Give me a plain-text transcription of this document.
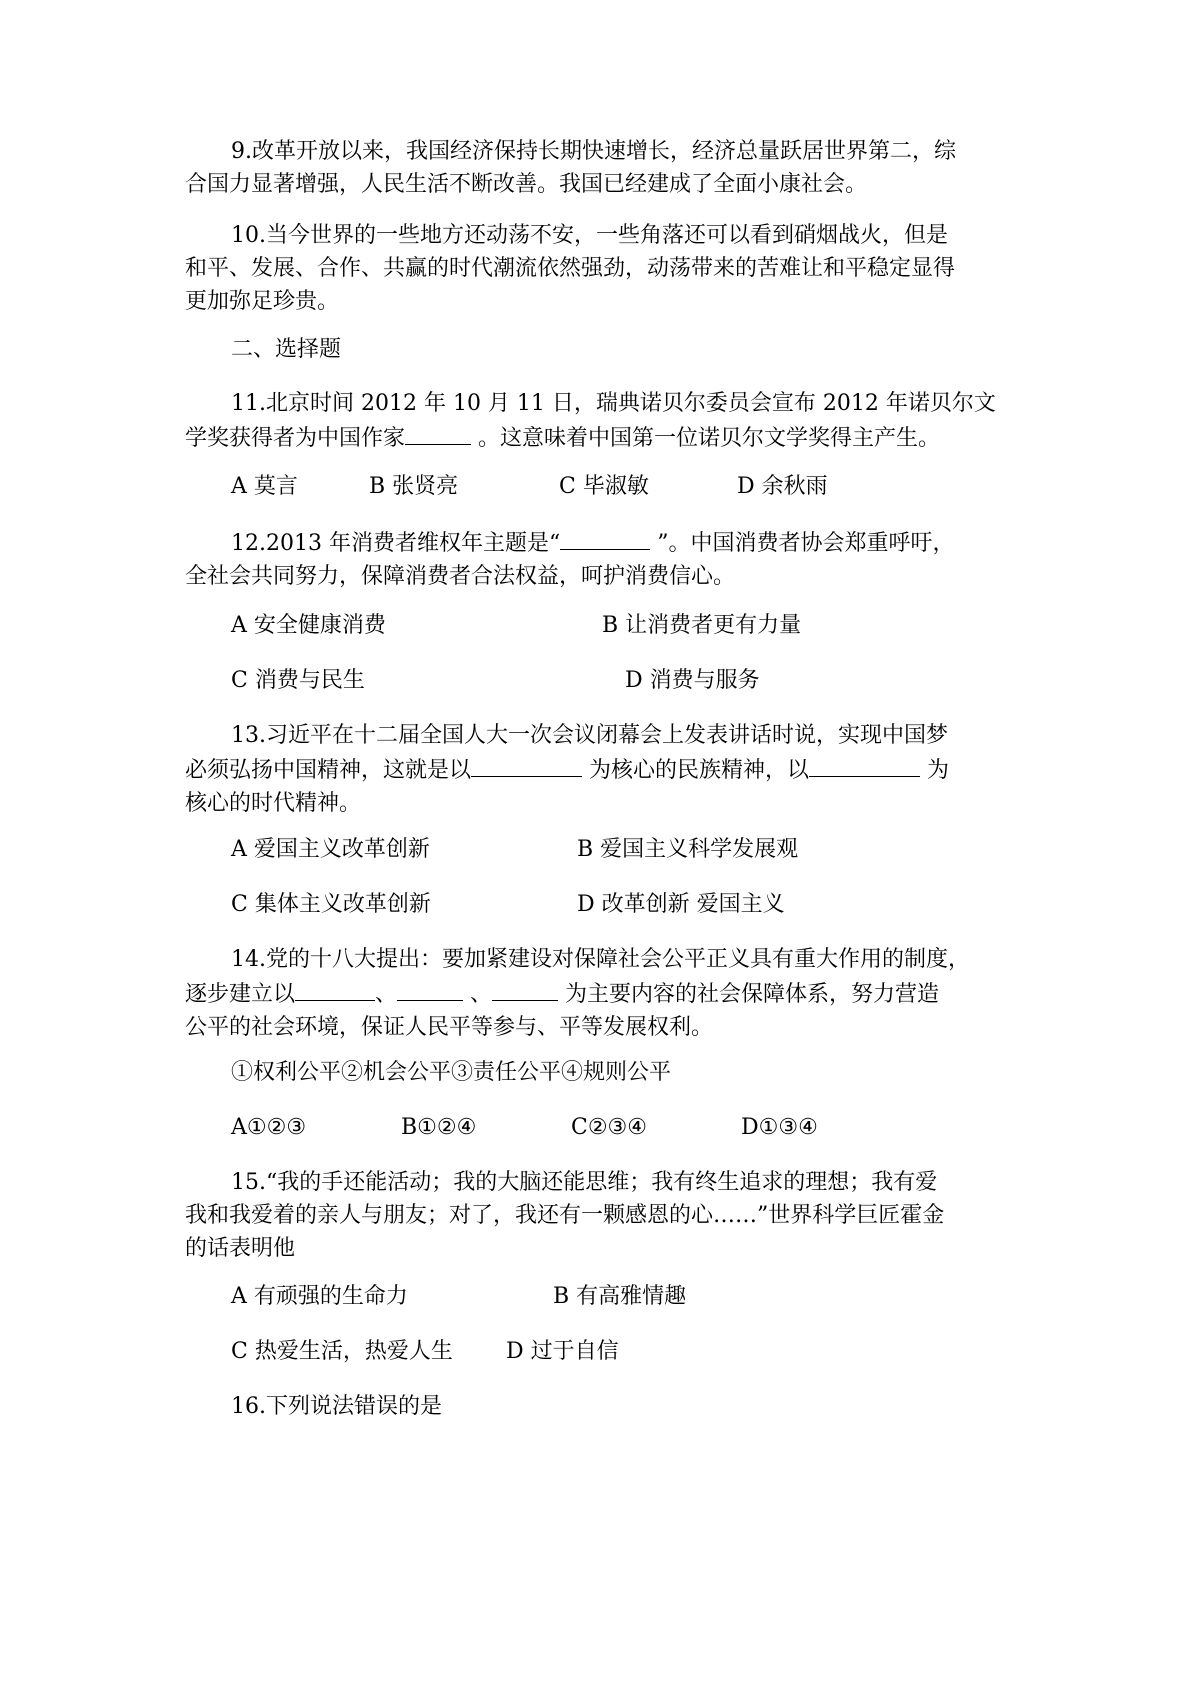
9.改革开放以来，我国经济保持长期快速增长，经济总量跃居世界第二，综
合国力显著增强，人民生活不断改善。我国已经建成了全面小康社会。
10.当今世界的一些地方还动荡不安，一些角落还可以看到硝烟战火，但是
和平、发展、合作、共赢的时代潮流依然强劲，动荡带来的苦难让和平稳定显得
更加弥足珍贵。
二、选择题
11.北京时间 2012 年 10 月 11 日，瑞典诺贝尔委员会宣布 2012 年诺贝尔文
学奖获得者为中国作家	。这意味着中国第一位诺贝尔文学奖得主产生。
A 莫言	B 张贤亮	C 毕淑敏	D 余秋雨
12.2013 年消费者维权年主题是“	”。中国消费者协会郑重呼吁，
全社会共同努力，保障消费者合法权益，呵护消费信心。
A 安全健康消费	B 让消费者更有力量
C 消费与民生	D 消费与服务
13.习近平在十二届全国人大一次会议闭幕会上发表讲话时说，实现中国梦
必须弘扬中国精神，这就是以	为核心的民族精神，以	为
核心的时代精神。
A 爱国主义改革创新	B 爱国主义科学发展观
C 集体主义改革创新	D 改革创新 爱国主义
14.党的十八大提出：要加紧建设对保障社会公平正义具有重大作用的制度，
逐步建立以	、	、	为主要内容的社会保障体系，努力营造
公平的社会环境，保证人民平等参与、平等发展权利。
①权利公平②机会公平③责任公平④规则公平
A①②③	B①②④	C②③④	D①③④
15.“我的手还能活动；我的大脑还能思维；我有终生追求的理想；我有爱
我和我爱着的亲人与朋友；对了，我还有一颗感恩的心……”世界科学巨匠霍金
的话表明他
A 有顽强的生命力	B 有高雅情趣
C 热爱生活，热爱人生 D 过于自信
16.下列说法错误的是
